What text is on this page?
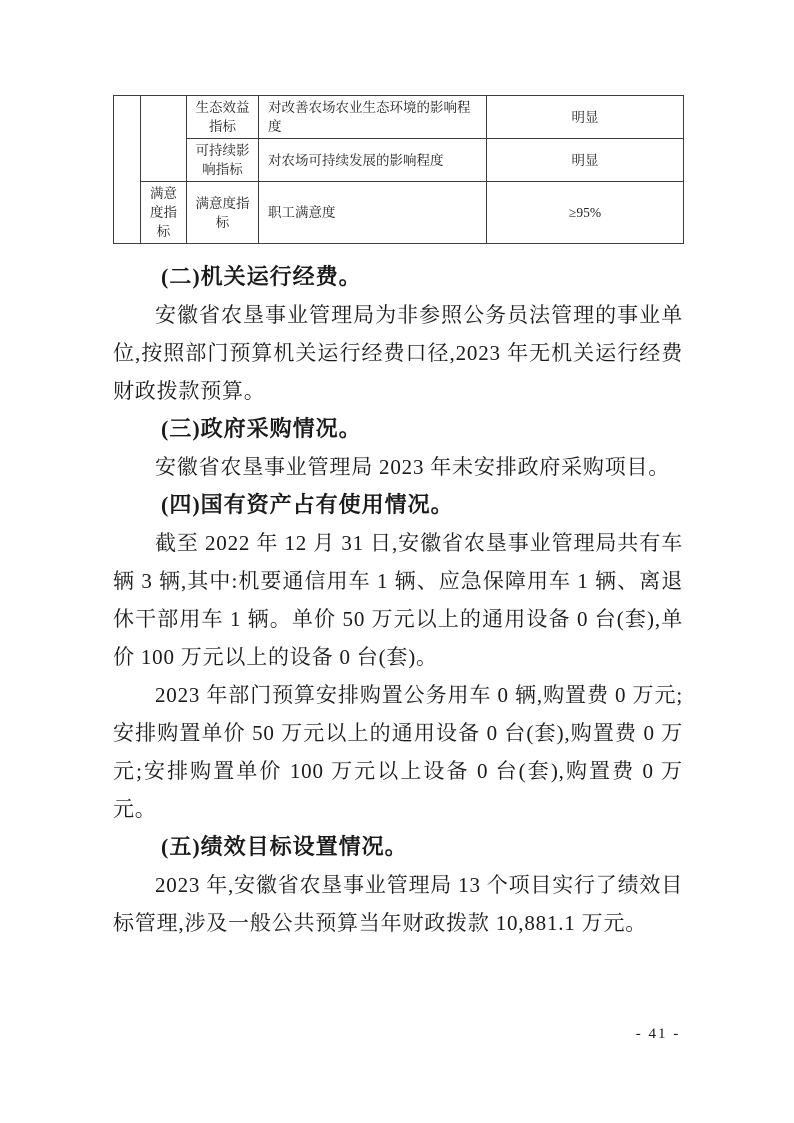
		生态效益指标	对改善农场农业生态环境的影响程度	明显
		可持续影响指标	对农场可持续发展的影响程度	明显
	满意度指标	满意度指标	职工满意度	≥95%
(二)机关运行经费。
安徽省农垦事业管理局为非参照公务员法管理的事业单位,按照部门预算机关运行经费口径,2023 年无机关运行经费财政拨款预算。
(三)政府采购情况。
安徽省农垦事业管理局 2023 年未安排政府采购项目。
(四)国有资产占有使用情况。
截至 2022 年 12 月 31 日,安徽省农垦事业管理局共有车辆 3 辆,其中:机要通信用车 1 辆、应急保障用车 1 辆、离退休干部用车 1 辆。单价 50 万元以上的通用设备 0 台(套),单价 100 万元以上的设备 0 台(套)。
2023 年部门预算安排购置公务用车 0 辆,购置费 0 万元;安排购置单价 50 万元以上的通用设备 0 台(套),购置费 0 万元;安排购置单价 100 万元以上设备 0 台(套),购置费 0 万元。
(五)绩效目标设置情况。
2023 年,安徽省农垦事业管理局 13 个项目实行了绩效目标管理,涉及一般公共预算当年财政拨款 10,881.1 万元。
- 41 -
